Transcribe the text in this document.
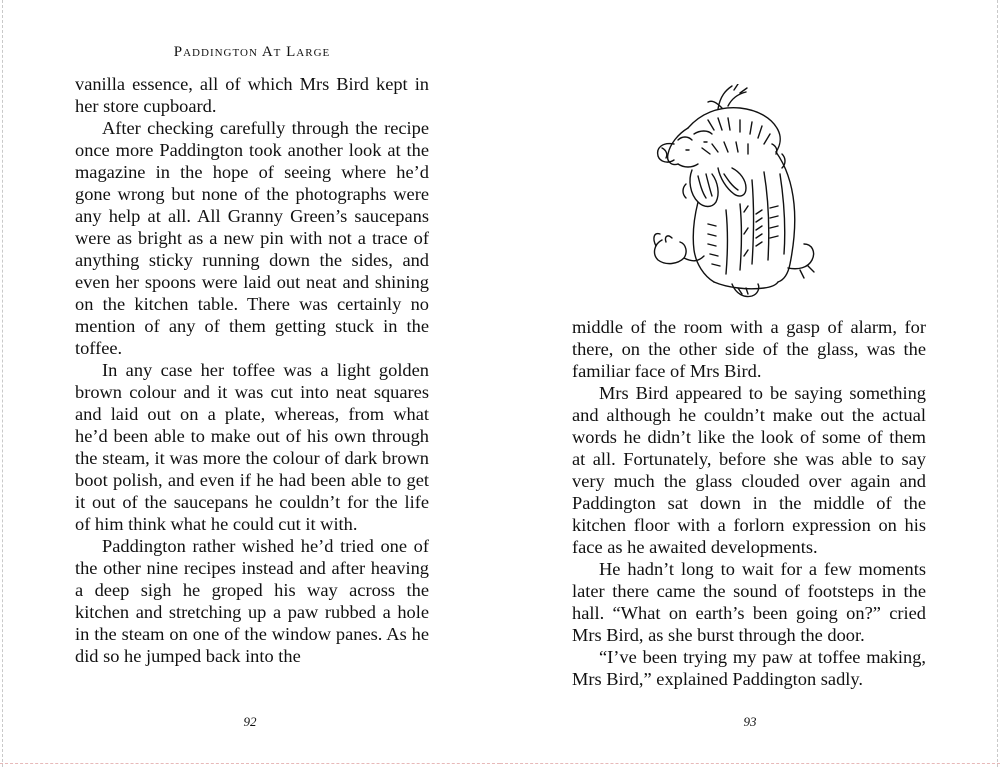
Paddington At Large

vanilla essence, all of which Mrs Bird kept in her store cupboard.

After checking carefully through the recipe once more Paddington took another look at the magazine in the hope of seeing where he’d gone wrong but none of the photographs were any help at all. All Granny Green’s saucepans were as bright as a new pin with not a trace of anything sticky running down the sides, and even her spoons were laid out neat and shining on the kitchen table. There was certainly no mention of any of them getting stuck in the toffee.

In any case her toffee was a light golden brown colour and it was cut into neat squares and laid out on a plate, whereas, from what he’d been able to make out of his own through the steam, it was more the colour of dark brown boot polish, and even if he had been able to get it out of the saucepans he couldn’t for the life of him think what he could cut it with.

Paddington rather wished he’d tried one of the other nine recipes instead and after heaving a deep sigh he groped his way across the kitchen and stretching up a paw rubbed a hole in the steam on one of the window panes. As he did so he jumped back into the

92

middle of the room with a gasp of alarm, for there, on the other side of the glass, was the familiar face of Mrs Bird.

Mrs Bird appeared to be saying something and although he couldn’t make out the actual words he didn’t like the look of some of them at all. Fortunately, before she was able to say very much the glass clouded over again and Paddington sat down in the middle of the kitchen floor with a forlorn expression on his face as he awaited developments.

He hadn’t long to wait for a few moments later there came the sound of footsteps in the hall. “What on earth’s been going on?” cried Mrs Bird, as she burst through the door.

“I’ve been trying my paw at toffee making, Mrs Bird,” explained Paddington sadly.

93
